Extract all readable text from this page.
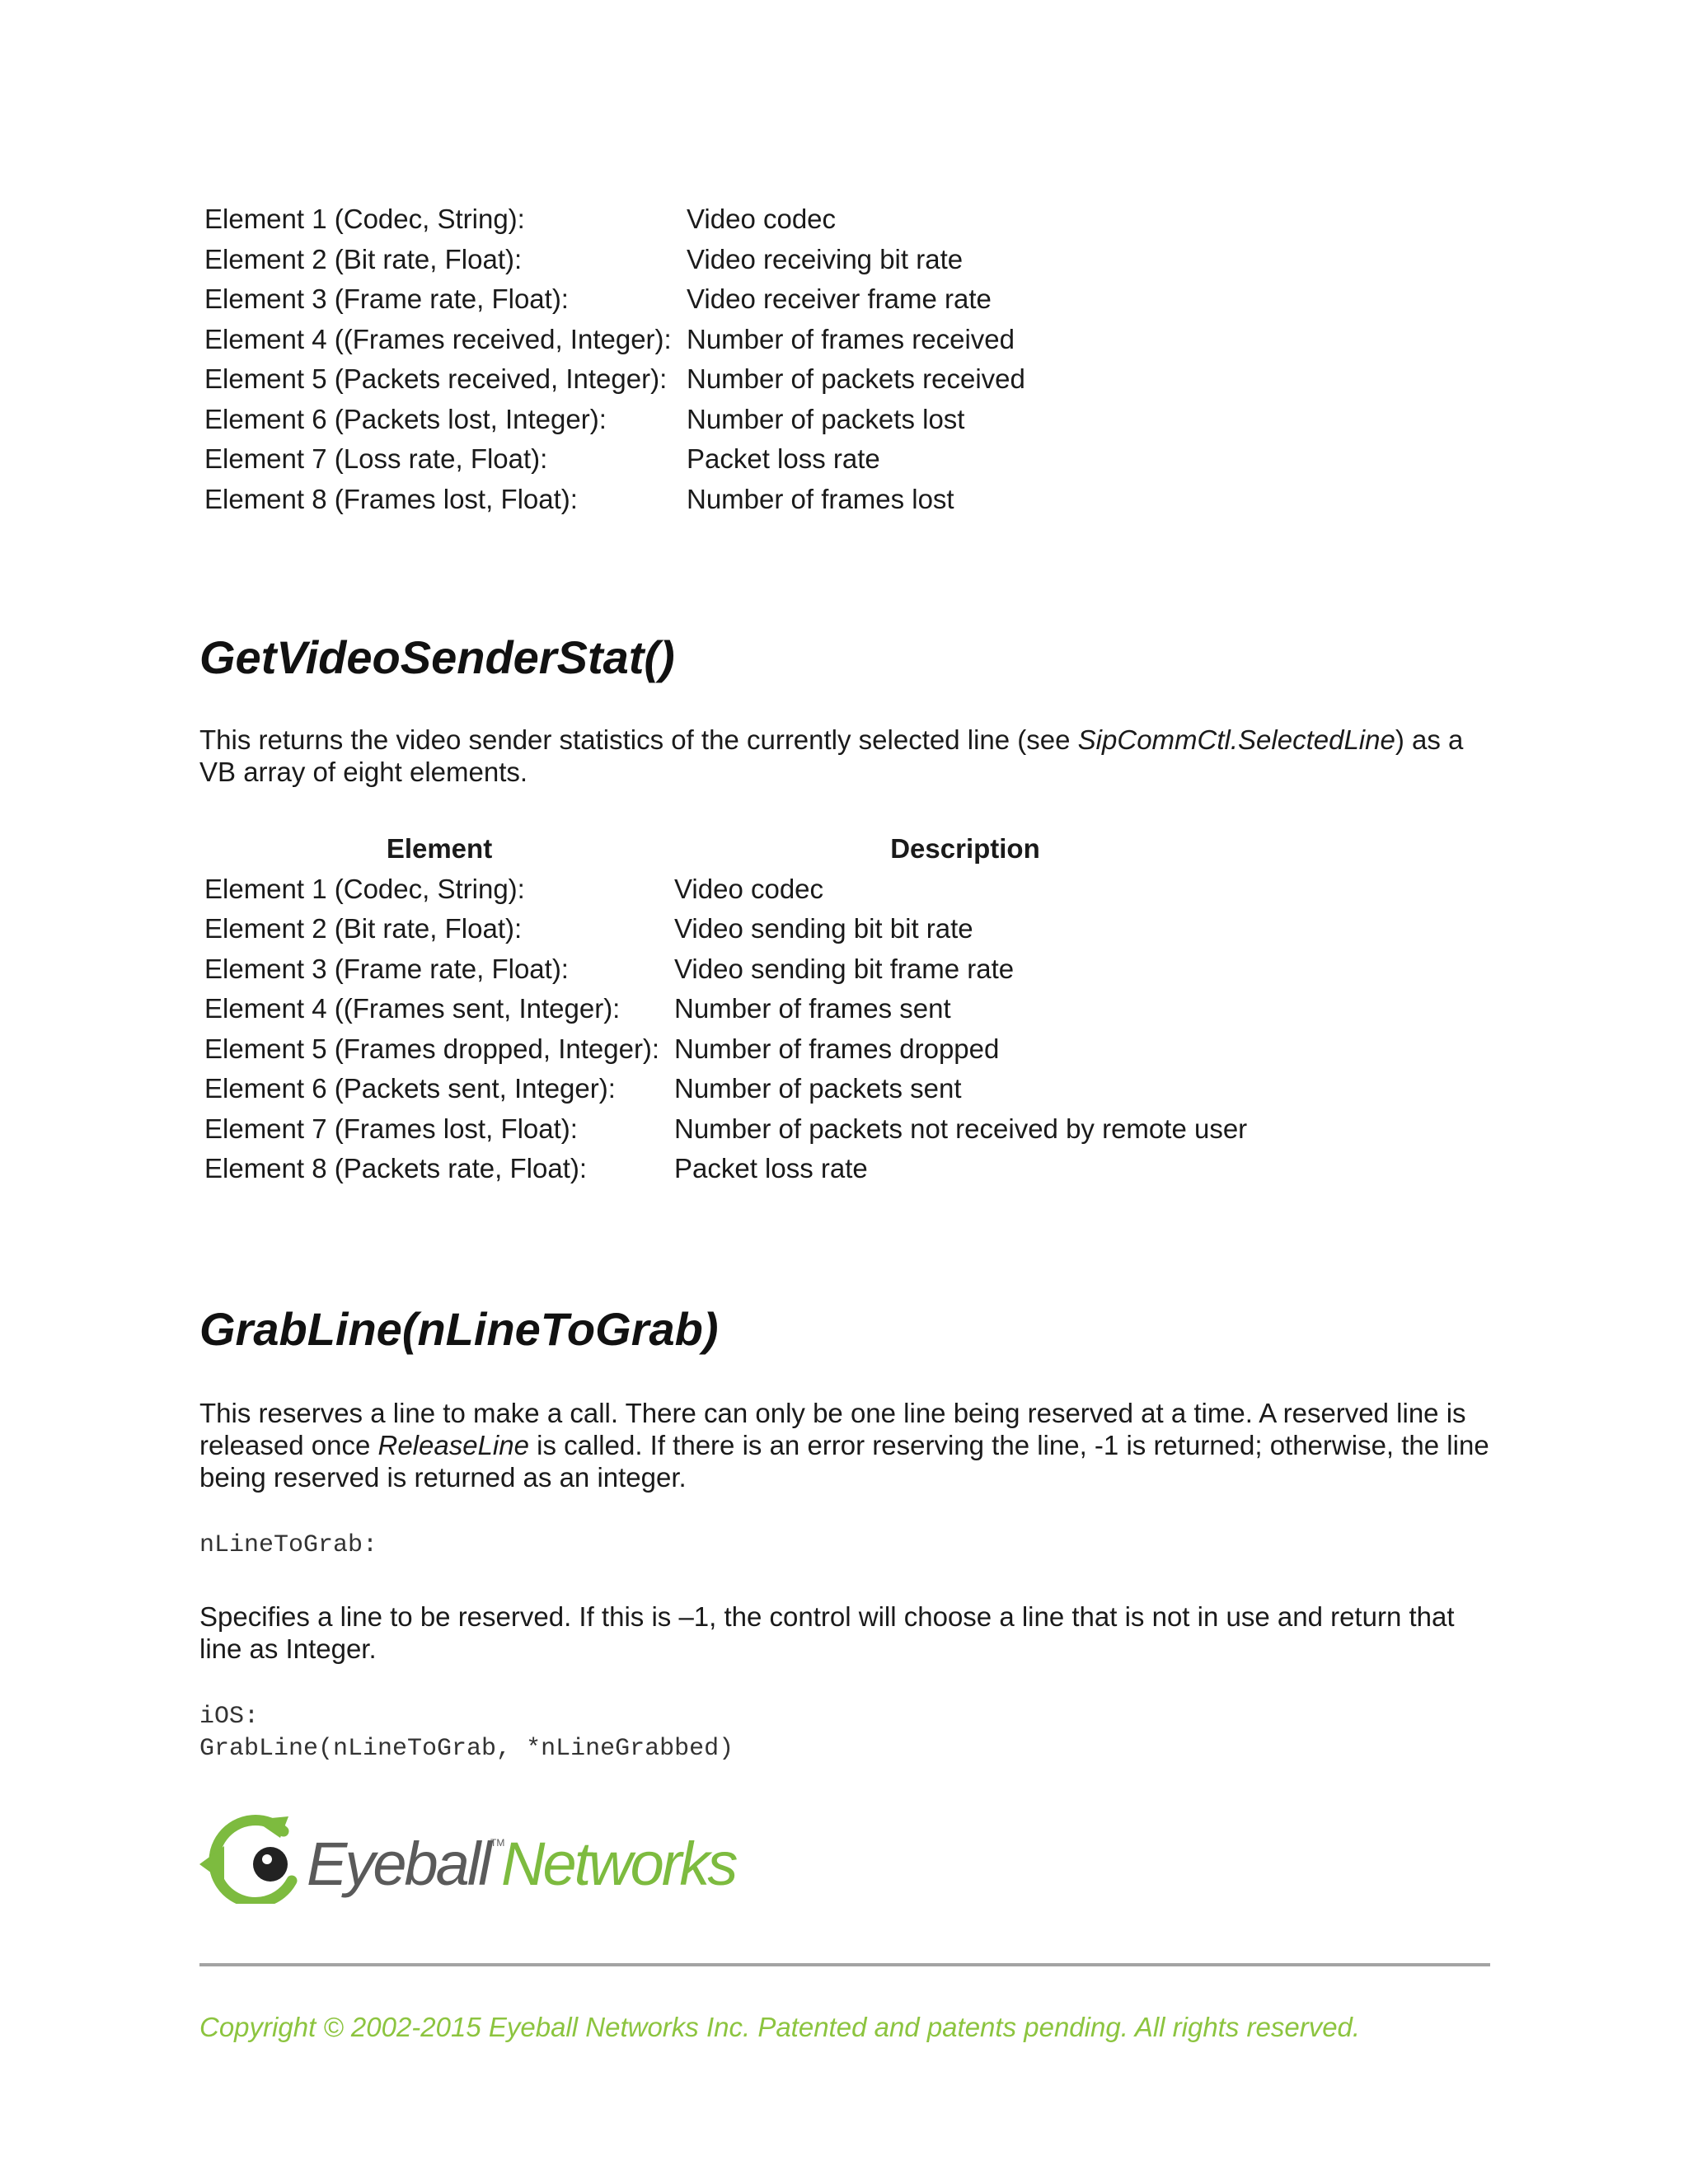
Element 1 (Codec, String):	Video codec
Element 2 (Bit rate, Float):	Video receiving bit rate
Element 3 (Frame rate, Float):	Video receiver frame rate
Element 4 ((Frames received, Integer): Number of frames received
Element 5 (Packets received, Integer): Number of packets received
Element 6 (Packets lost, Integer):	Number of packets lost
Element 7 (Loss rate, Float):	Packet loss rate
Element 8 (Frames lost, Float):	Number of frames lost
GetVideoSenderStat()

This returns the video sender statistics of the currently selected line (see SipCommCtl.SelectedLine) as a VB array of eight elements.

Element	Description
Element 1 (Codec, String):	Video codec
Element 2 (Bit rate, Float):	Video sending bit bit rate
Element 3 (Frame rate, Float):	Video sending bit frame rate
Element 4 ((Frames sent, Integer):	Number of frames sent
Element 5 (Frames dropped, Integer): Number of frames dropped
Element 6 (Packets sent, Integer):	Number of packets sent
Element 7 (Frames lost, Float):	Number of packets not received by remote user
Element 8 (Packets rate, Float):	Packet loss rate
GrabLine(nLineToGrab)

This reserves a line to make a call. There can only be one line being reserved at a time. A reserved line is released once ReleaseLine is called. If there is an error reserving the line, -1 is returned; otherwise, the line being reserved is returned as an integer.

nLineToGrab:

Specifies a line to be reserved. If this is –1, the control will choose a line that is not in use and return that line as Integer.

iOS:
GrabLine(nLineToGrab, *nLineGrabbed)
Eyeball TM
Networks
Copyright © 2002-2015 Eyeball Networks Inc. Patented and patents pending. All rights reserved.
